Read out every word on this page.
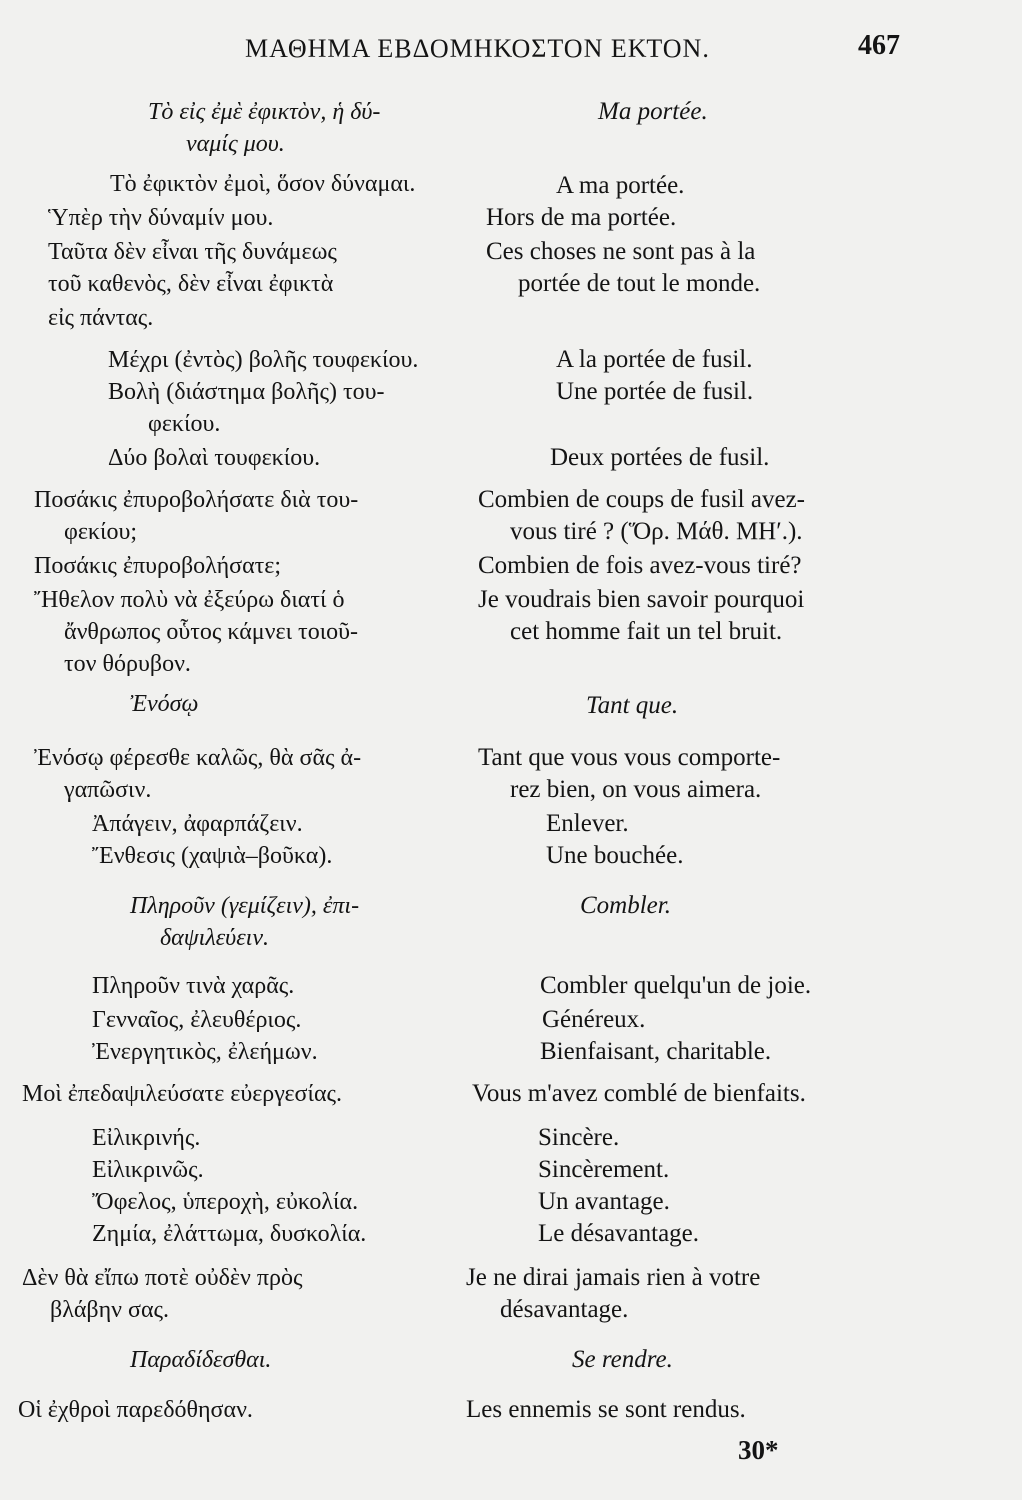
ΜΑΘΗΜΑ ΕΒΔΟΜΗΚΟΣΤΟΝ ΕΚΤΟΝ.	467
Τὸ εἰς ἐμὲ ἐφικτὸν, ἡ δύ-
ναμίς μου.
Τὸ ἐφικτὸν ἐμοὶ, ὅσον δύναμαι.
Ὑπὲρ τὴν δύναμίν μου.
Ταῦτα δὲν εἶναι τῆς δυνάμεως
τοῦ καθενὸς, δὲν εἶναι ἐφικτὰ
εἰς πάντας.
Μέχρι (ἐντὸς) βολῆς τουφεκίου.
Βολὴ (διάστημα βολῆς) του-
φεκίου.
Δύο βολαὶ τουφεκίου.
Ποσάκις ἐπυροβολήσατε διὰ του-
φεκίου;
Ποσάκις ἐπυροβολήσατε;
Ἤθελον πολὺ νὰ ἐξεύρω διατί ὁ
ἄνθρωπος οὗτος κάμνει τοιοῦ-
τον θόρυβον.
Ἐνόσῳ
Ἐνόσῳ φέρεσθε καλῶς, θὰ σᾶς ἀ-
γαπῶσιν.
Ἀπάγειν, ἀφαρπάζειν.
Ἔνθεσις (χαψιὰ–βοῦκα).
Πληροῦν (γεμίζειν), ἐπι-
δαψιλεύειν.
Πληροῦν τινὰ χαρᾶς.
Γενναῖος, ἐλευθέριος.
Ἐνεργητικὸς, ἐλεήμων.
Μοὶ ἐπεδαψιλεύσατε εὐεργεσίας.
Εἰλικρινής.
Εἰλικρινῶς.
Ὄφελος, ὑπεροχὴ, εὐκολία.
Ζημία, ἐλάττωμα, δυσκολία.
Δὲν θὰ εἴπω ποτὲ οὐδὲν πρὸς
βλάβην σας.
Παραδίδεσθαι.
Οἱ ἐχθροὶ παρεδόθησαν.
Ma portée.
A ma portée.
Hors de ma portée.
Ces choses ne sont pas à la
portée de tout le monde.
A la portée de fusil.
Une portée de fusil.
Deux portées de fusil.
Combien de coups de fusil avez-
vous tiré ? (Ὅρ. Μάθ. ΜΗʹ.).
Combien de fois avez-vous tiré?
Je voudrais bien savoir pourquoi
cet homme fait un tel bruit.
Tant que.
Tant que vous vous comporte-
rez bien, on vous aimera.
Enlever.
Une bouchée.
Combler.
Combler quelqu'un de joie.
Généreux.
Bienfaisant, charitable.
Vous m'avez comblé de bienfaits.
Sincère.
Sincèrement.
Un avantage.
Le désavantage.
Je ne dirai jamais rien à votre
désavantage.
Se rendre.
Les ennemis se sont rendus.
30*
